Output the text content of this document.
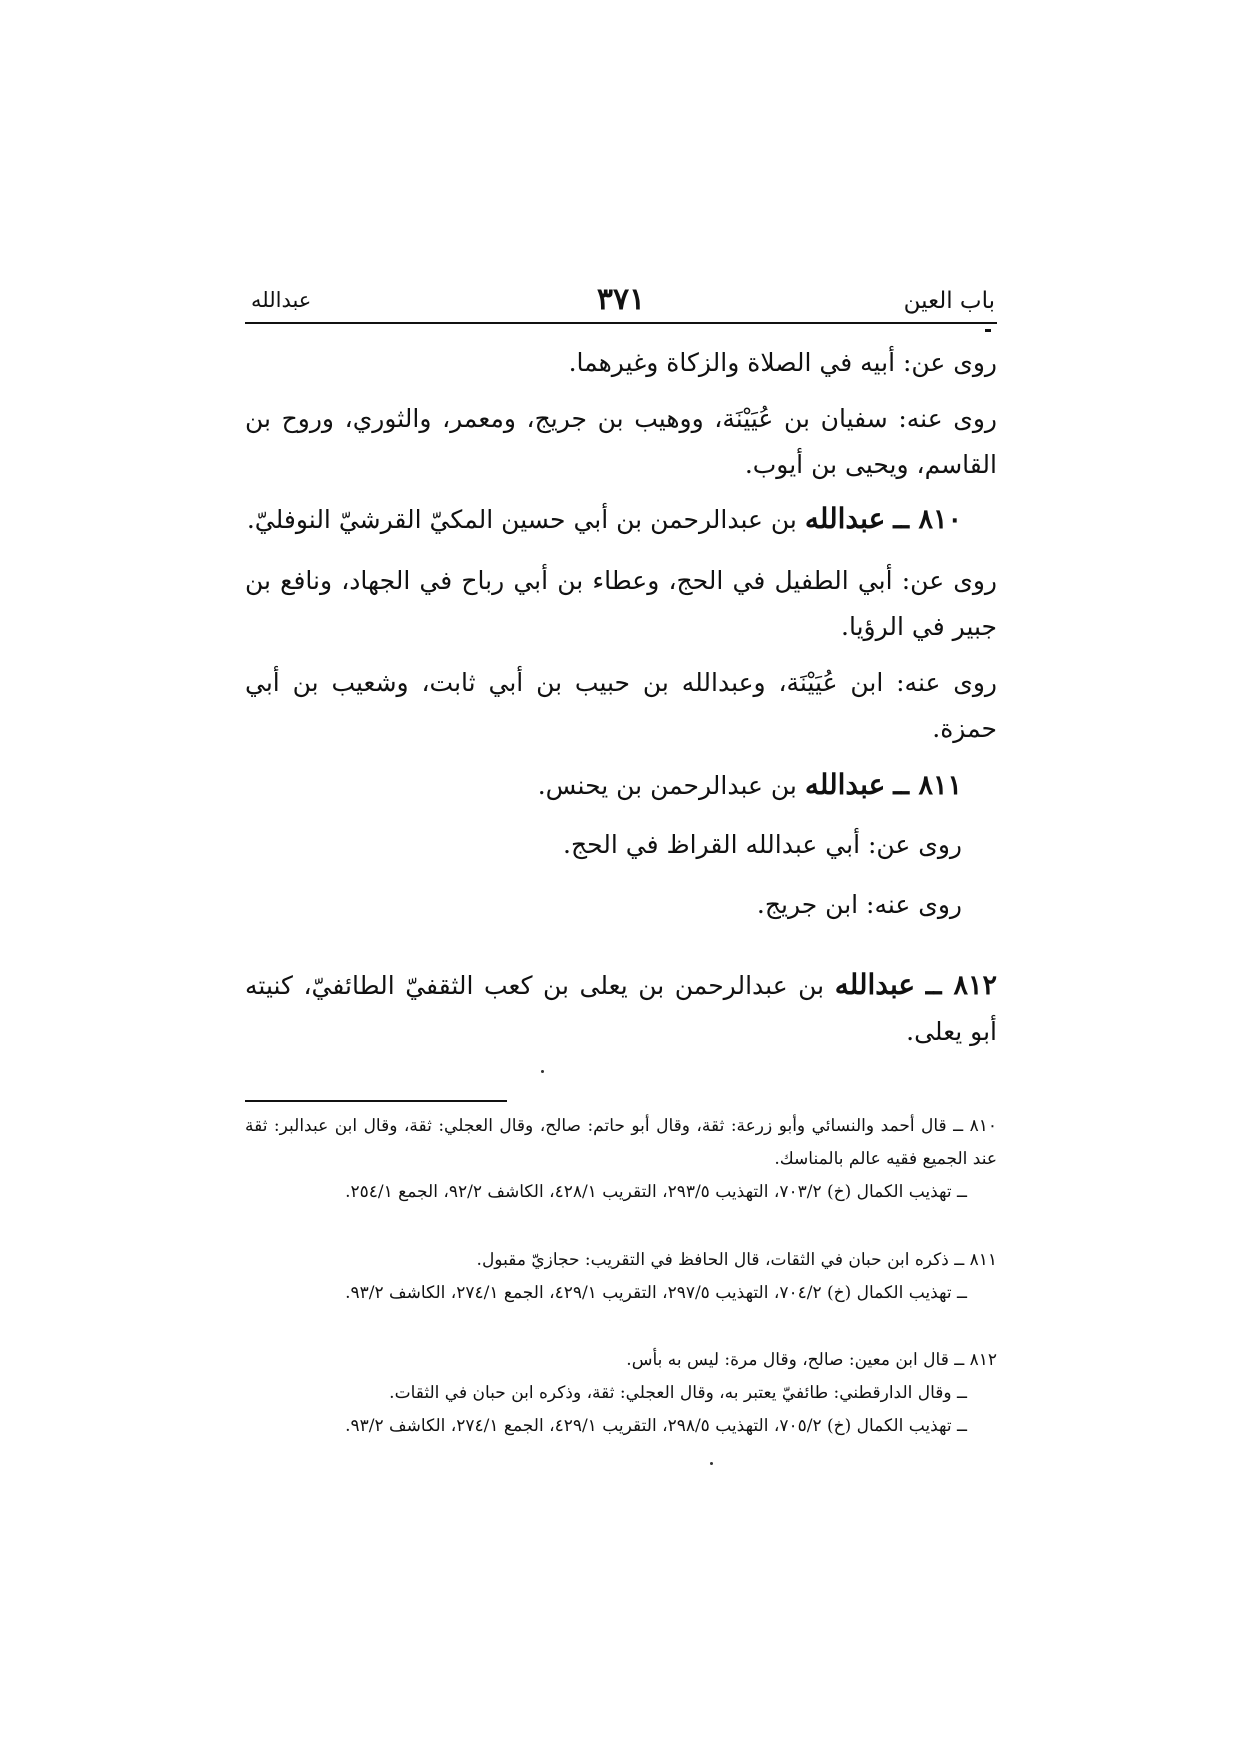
باب العين
٣٧١
عبدالله
روى عن: أبيه في الصلاة والزكاة وغيرهما.
روى عنه: سفيان بن عُيَيْنَة، ووهيب بن جريج، ومعمر، والثوري، وروح بن القاسم، ويحيى بن أيوب.
٨١٠ ــ عبدالله بن عبدالرحمن بن أبي حسين المكيّ القرشيّ النوفليّ.
روى عن: أبي الطفيل في الحج، وعطاء بن أبي رباح في الجهاد، ونافع بن جبير في الرؤيا.
روى عنه: ابن عُيَيْنَة، وعبدالله بن حبيب بن أبي ثابت، وشعيب بن أبي حمزة.
٨١١ ــ عبدالله بن عبدالرحمن بن يحنس.
روى عن: أبي عبدالله القراظ في الحج.
روى عنه: ابن جريج.
٨١٢ ــ عبدالله بن عبدالرحمن بن يعلى بن كعب الثقفيّ الطائفيّ، كنيته أبو يعلى.
٨١٠ ــ قال أحمد والنسائي وأبو زرعة: ثقة، وقال أبو حاتم: صالح، وقال العجلي: ثقة، وقال ابن عبدالبر: ثقة عند الجميع فقيه عالم بالمناسك.
ــ تهذيب الكمال (خ) ٧٠٣/٢، التهذيب ٢٩٣/٥، التقريب ٤٢٨/١، الكاشف ٩٢/٢، الجمع ٢٥٤/١.
٨١١ ــ ذكره ابن حبان في الثقات، قال الحافظ في التقريب: حجازيّ مقبول.
ــ تهذيب الكمال (خ) ٧٠٤/٢، التهذيب ٢٩٧/٥، التقريب ٤٢٩/١، الجمع ٢٧٤/١، الكاشف ٩٣/٢.
٨١٢ ــ قال ابن معين: صالح، وقال مرة: ليس به بأس.
ــ وقال الدارقطني: طائفيّ يعتبر به، وقال العجلي: ثقة، وذكره ابن حبان في الثقات.
ــ تهذيب الكمال (خ) ٧٠٥/٢، التهذيب ٢٩٨/٥، التقريب ٤٢٩/١، الجمع ٢٧٤/١، الكاشف ٩٣/٢.
